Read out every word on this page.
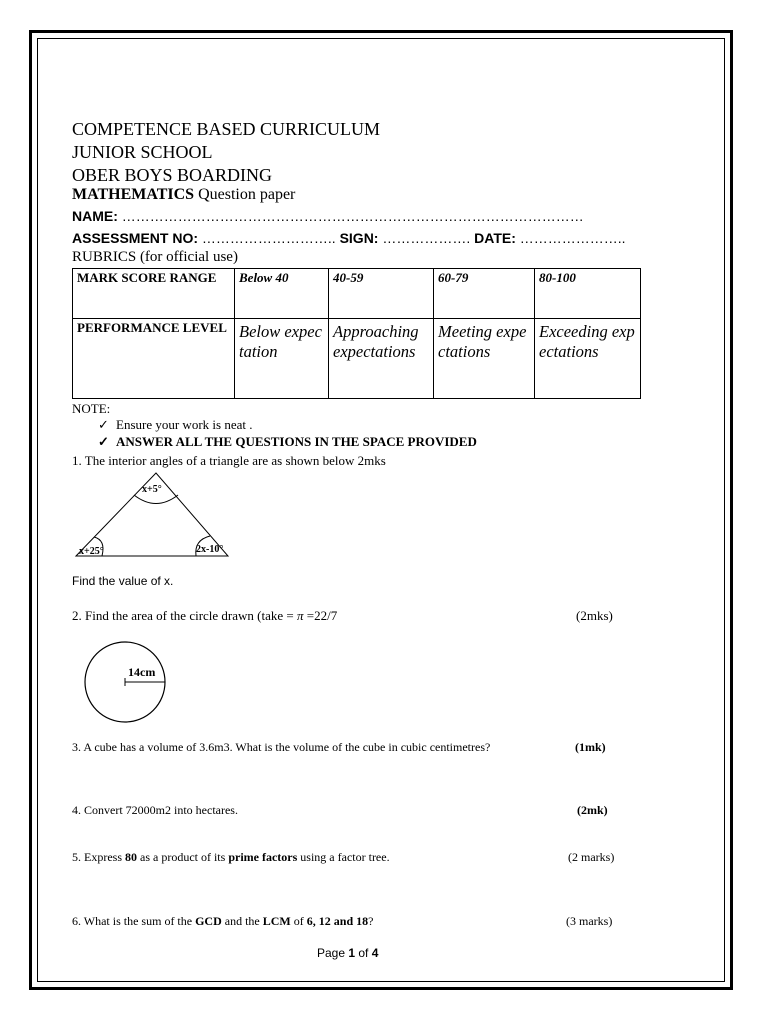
COMPETENCE BASED CURRICULUM
JUNIOR SCHOOL
OBER BOYS BOARDING
MATHEMATICS Question paper
NAME: ………………………………………………………………………………………
ASSESSMENT NO: ……………………….. SIGN: ………………. DATE: …………………..
RUBRICS (for official use)
MARK SCORE RANGE	Below 40	40-59	60-79	80-100
PERFORMANCE LEVEL	Below expectation	Approaching expectations	Meeting expectations	Exceeding expectations
NOTE:
✓ Ensure your work is neat .
✓ ANSWER ALL THE QUESTIONS IN THE SPACE PROVIDED
1. The interior angles of a triangle are as shown below 2mks
x+5°
x+25°	2x-10°
Find the value of x.
2. Find the area of the circle drawn (take = π =22/7	(2mks)
14cm
3. A cube has a volume of 3.6m3. What is the volume of the cube in cubic centimetres?	(1mk)
4. Convert 72000m2 into hectares.	(2mk)
5. Express 80 as a product of its prime factors using a factor tree.	(2 marks)
6. What is the sum of the GCD and the LCM of 6, 12 and 18?	(3 marks)
Page 1 of 4
